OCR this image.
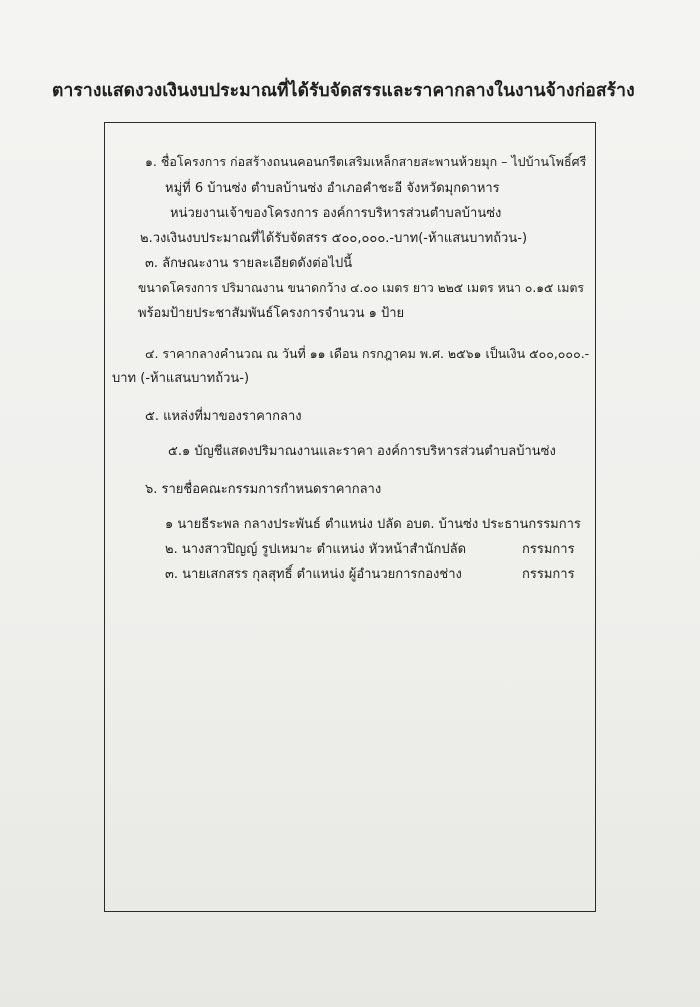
ตารางแสดงวงเงินงบประมาณที่ได้รับจัดสรรและราคากลางในงานจ้างก่อสร้าง
๑. ชื่อโครงการ ก่อสร้างถนนคอนกรีตเสริมเหล็กสายสะพานห้วยมุก – ไปบ้านโพธิ์ศรี
หมู่ที่ 6 บ้านซ่ง ตำบลบ้านซ่ง อำเภอคำชะอี จังหวัดมุกดาหาร
หน่วยงานเจ้าของโครงการ องค์การบริหารส่วนตำบลบ้านซ่ง
๒.วงเงินงบประมาณที่ได้รับจัดสรร ๕๐๐,๐๐๐.-บาท(-ห้าแสนบาทถ้วน-)
๓. ลักษณะงาน รายละเอียดดังต่อไปนี้
ขนาดโครงการ ปริมาณงาน ขนาดกว้าง ๔.๐๐ เมตร ยาว ๒๒๕ เมตร หนา ๐.๑๕ เมตร
พร้อมป้ายประชาสัมพันธ์โครงการจำนวน ๑ ป้าย
๔. ราคากลางคำนวณ ณ วันที่ ๑๑ เดือน กรกฎาคม พ.ศ. ๒๕๖๑ เป็นเงิน ๕๐๐,๐๐๐.-
บาท (-ห้าแสนบาทถ้วน-)
๕. แหล่งที่มาของราคากลาง
๕.๑ บัญชีแสดงปริมาณงานและราคา องค์การบริหารส่วนตำบลบ้านซ่ง
๖. รายชื่อคณะกรรมการกำหนดราคากลาง
๑ นายธีระพล กลางประพันธ์ ตำแหน่ง ปลัด อบต. บ้านซ่ง ประธานกรรมการ
๒. นางสาวปิญญ์ รูปเหมาะ ตำแหน่ง หัวหน้าสำนักปลัด	กรรมการ
๓. นายเสกสรร กุลสุทธิ์ ตำแหน่ง ผู้อำนวยการกองช่าง	กรรมการ
